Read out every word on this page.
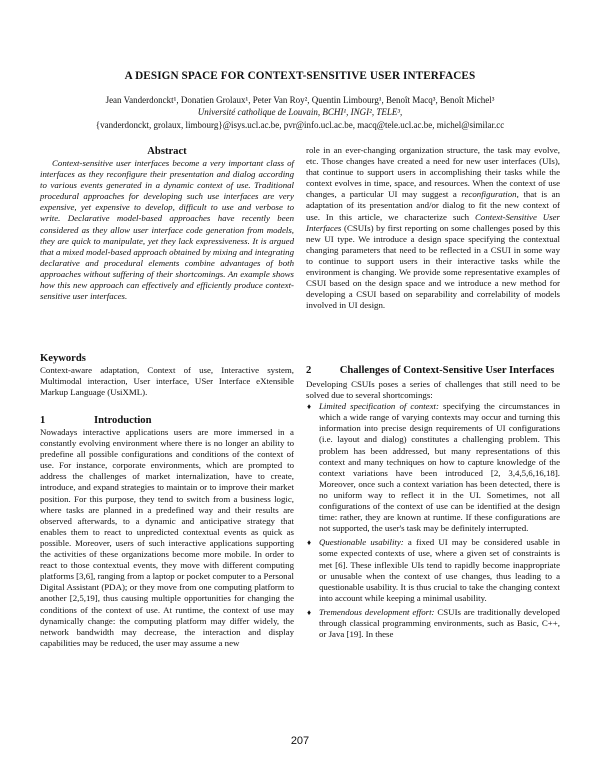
A DESIGN SPACE FOR CONTEXT-SENSITIVE USER INTERFACES
Jean Vanderdonckt¹, Donatien Grolaux¹, Peter Van Roy², Quentin Limbourg¹, Benoît Macq³, Benoît Michel³
Université catholique de Louvain, BCHI¹, INGI², TELE³,
{vanderdonckt, grolaux, limbourg}@isys.ucl.ac.be, pvr@info.ucl.ac.be, macq@tele.ucl.ac.be, michel@similar.cc
Abstract

Context-sensitive user interfaces become a very important class of interfaces as they reconfigure their presentation and dialog according to various events generated in a dynamic context of use. Traditional procedural approaches for developing such use interfaces are very expensive, yet expensive to develop, difficult to use and verbose to write. Declarative model-based approaches have recently been considered as they allow user interface code generation from models, they are quick to manipulate, yet they lack expressiveness. It is argued that a mixed model-based approach obtained by mixing and integrating declarative and procedural elements combine advantages of both approaches without suffering of their shortcomings. An example shows how this new approach can effectively and efficiently produce context-sensitive user interfaces.

Keywords

Context-aware adaptation, Context of use, Interactive system, Multimodal interaction, User interface, USer Interface eXtensible Markup Language (UsiXML).

1	Introduction

Nowadays interactive applications users are more immersed in a constantly evolving environment where there is no longer an ability to predefine all possible configurations and conditions of the context of use. For instance, corporate environments, which are prompted to address the challenges of market internalization, have to create, introduce, and expand strategies to maintain or to improve their market position. For this purpose, they tend to switch from a business logic, where tasks are planned in a predefined way and their results are observed afterwards, to a dynamic and anticipative strategy that enables them to react to unpredicted contextual events as quick as possible. Moreover, users of such interactive applications supporting the activities of these organizations become more mobile. In order to react to those contextual events, they move with different computing platforms [3,6], ranging from a laptop or pocket computer to a Personal Digital Assistant (PDA); or they move from one computing platform to another [2,5,19], thus causing multiple opportunities for changing the conditions of the context of use. At runtime, the context of use may dynamically change: the computing platform may differ widely, the network bandwidth may decrease, the interaction and display capabilities may be reduced, the user may assume a new

role in an ever-changing organization structure, the task may evolve, etc. Those changes have created a need for new user interfaces (UIs), that continue to support users in accomplishing their tasks while the context evolves in time, space, and resources. When the context of use changes, a particular UI may suggest a reconfiguration, that is an adaptation of its presentation and/or dialog to fit the new context of use. In this article, we characterize such Context-Sensitive User Interfaces (CSUIs) by first reporting on some challenges posed by this new UI type. We introduce a design space specifying the contextual changing parameters that need to be reflected in a CSUI in some way to continue to support users in their interactive tasks while the environment is changing. We provide some representative examples of CSUI based on the design space and we introduce a new method for developing a CSUI based on separability and correlability of models involved in UI design.

2	Challenges of Context-Sensitive User Interfaces

Developing CSUIs poses a series of challenges that still need to be solved due to several shortcomings:

♦ Limited specification of context: specifying the circumstances in which a wide range of varying contexts may occur and turning this information into precise design requirements of UI configurations (i.e. layout and dialog) constitutes a challenging problem. This problem has been addressed, but many representations of this context and many techniques on how to capture knowledge of the context variations have been introduced [2, 3,4,5,6,16,18]. Moreover, once such a context variation has been detected, there is no uniform way to reflect it in the UI. Sometimes, not all configurations of the context of use can be identified at the design time: rather, they are known at runtime. If these configurations are not supported, the user's task may be definitely interrupted.
♦ Questionable usability: a fixed UI may be considered usable in some expected contexts of use, where a given set of constraints is met [6]. These inflexible UIs tend to rapidly become inappropriate or unusable when the context of use changes, thus leading to a questionable usability. It is thus crucial to take the changing context into account while keeping a minimal usability.
♦ Tremendous development effort: CSUIs are traditionally developed through classical programming environments, such as Basic, C++, or Java [19]. In these
207
